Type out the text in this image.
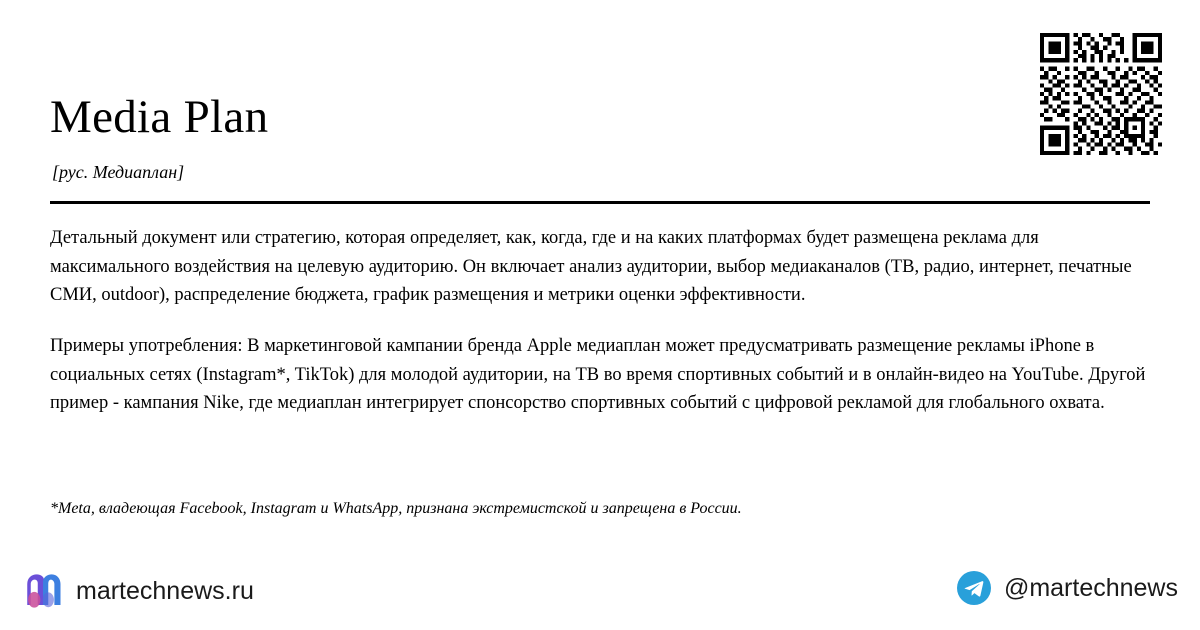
Media Plan
[рус. Медиаплан]

Детальный документ или стратегию, которая определяет, как, когда, где и на каких платформах будет размещена реклама для максимального воздействия на целевую аудиторию. Он включает анализ аудитории, выбор медиаканалов (ТВ, радио, интернет, печатные СМИ, outdoor), распределение бюджета, график размещения и метрики оценки эффективности.

Примеры употребления: В маркетинговой кампании бренда Apple медиаплан может предусматривать размещение рекламы iPhone в социальных сетях (Instagram*, TikTok) для молодой аудитории, на ТВ во время спортивных событий и в онлайн-видео на YouTube. Другой пример - кампания Nike, где медиаплан интегрирует спонсорство спортивных событий с цифровой рекламой для глобального охвата.

*Meta, владеющая Facebook, Instagram и WhatsApp, признана экстремистской и запрещена в России.
martechnews.ru	@martechnews
